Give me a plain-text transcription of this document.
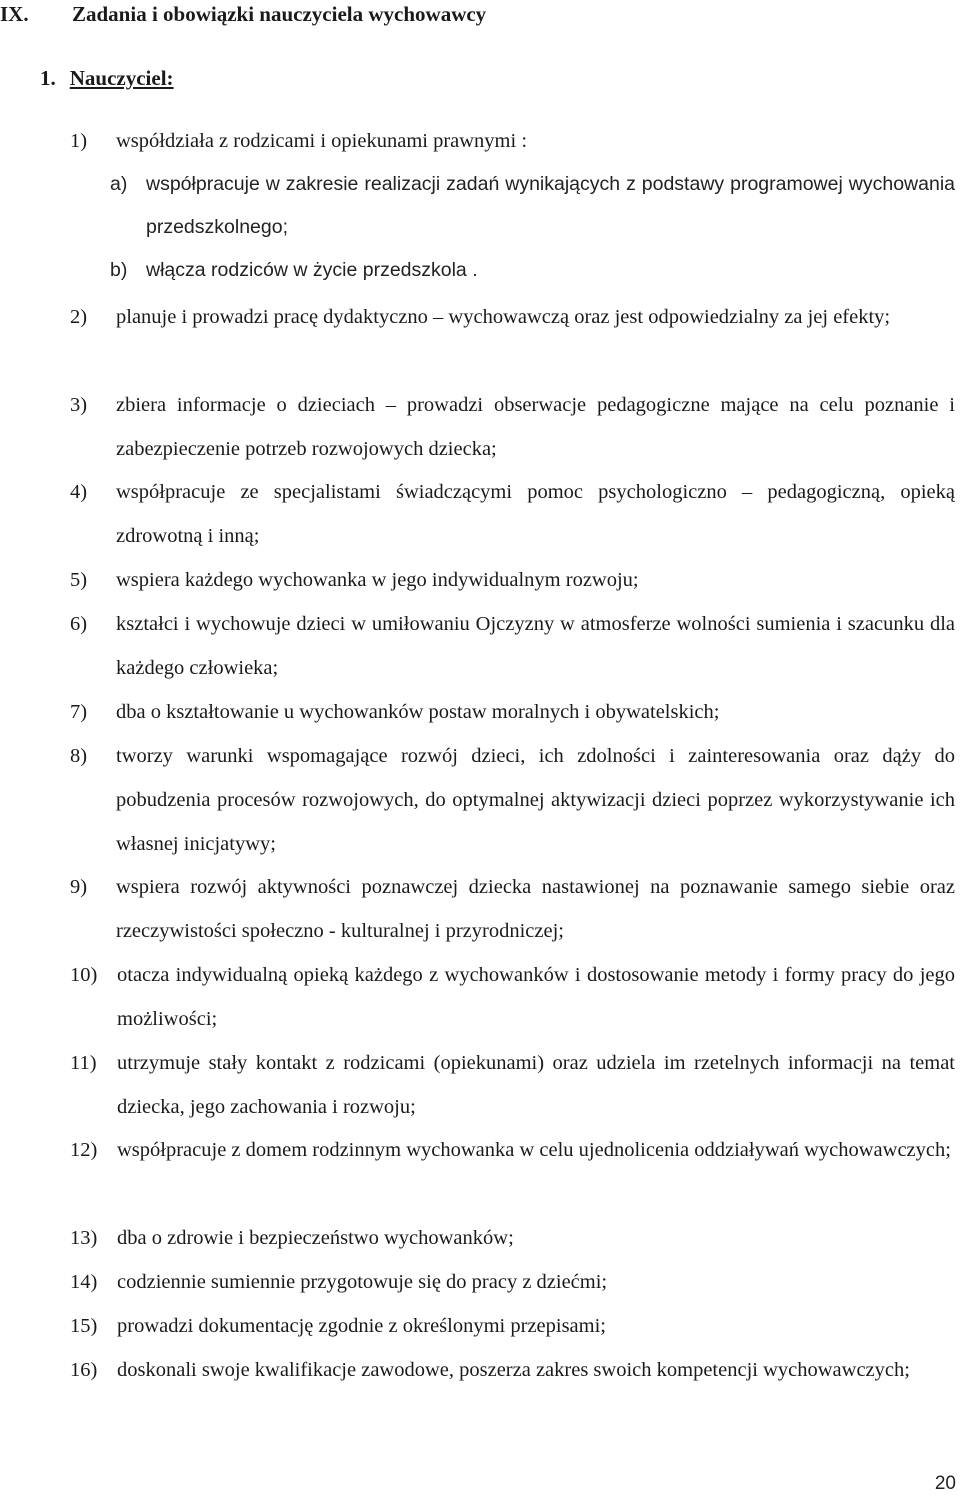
IX. Zadania i obowiązki nauczyciela wychowawcy
1. Nauczyciel:
1) współdziała z rodzicami i opiekunami prawnymi :
a) współpracuje w zakresie realizacji zadań wynikających z podstawy programowej wychowania przedszkolnego;
b) włącza rodziców w życie przedszkola .
2) planuje i prowadzi pracę dydaktyczno – wychowawczą oraz jest odpowiedzialny za jej efekty;
3) zbiera informacje o dzieciach – prowadzi obserwacje pedagogiczne mające na celu poznanie i zabezpieczenie potrzeb rozwojowych dziecka;
4) współpracuje ze specjalistami świadczącymi pomoc psychologiczno – pedagogiczną, opieką zdrowotną i inną;
5) wspiera każdego wychowanka w jego indywidualnym rozwoju;
6) kształci i wychowuje dzieci w umiłowaniu Ojczyzny w atmosferze wolności sumienia i szacunku dla każdego człowieka;
7) dba o kształtowanie u wychowanków postaw moralnych i obywatelskich;
8) tworzy warunki wspomagające rozwój dzieci, ich zdolności i zainteresowania oraz dąży do pobudzenia procesów rozwojowych, do optymalnej aktywizacji dzieci poprzez wykorzystywanie ich własnej inicjatywy;
9) wspiera rozwój aktywności poznawczej dziecka nastawionej na poznawanie samego siebie oraz rzeczywistości społeczno - kulturalnej i przyrodniczej;
10) otacza indywidualną opieką każdego z wychowanków i dostosowanie metody i formy pracy do jego możliwości;
11) utrzymuje stały kontakt z rodzicami (opiekunami) oraz udziela im rzetelnych informacji na temat dziecka, jego zachowania i rozwoju;
12) współpracuje z domem rodzinnym wychowanka w celu ujednolicenia oddziaływań wychowawczych;
13) dba o zdrowie i bezpieczeństwo wychowanków;
14) codziennie sumiennie przygotowuje się do pracy z dziećmi;
15) prowadzi dokumentację zgodnie z określonymi przepisami;
16) doskonali swoje kwalifikacje zawodowe, poszerza zakres swoich kompetencji wychowawczych;
20
